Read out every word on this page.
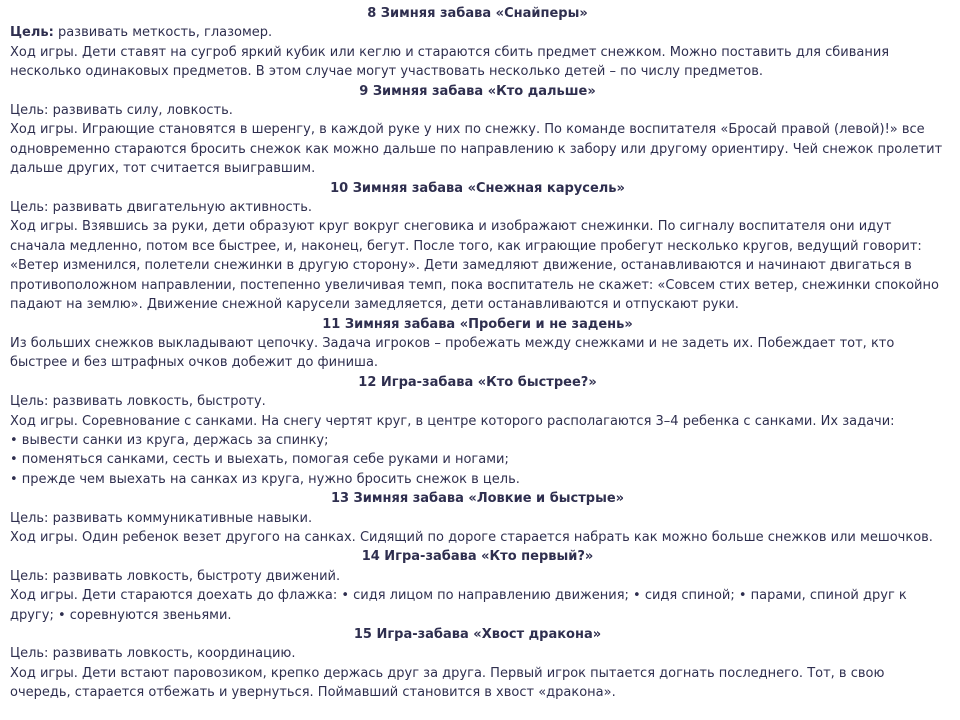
8 Зимняя забава «Снайперы»
Цель: развивать меткость, глазомер.
Ход игры. Дети ставят на сугроб яркий кубик или кеглю и стараются сбить предмет снежком. Можно поставить для сбивания несколько одинаковых предметов. В этом случае могут участвовать несколько детей – по числу предметов.
9 Зимняя забава «Кто дальше»
Цель: развивать силу, ловкость.
Ход игры. Играющие становятся в шеренгу, в каждой руке у них по снежку. По команде воспитателя «Бросай правой (левой)!» все одновременно стараются бросить снежок как можно дальше по направлению к забору или другому ориентиру. Чей снежок пролетит дальше других, тот считается выигравшим.
10 Зимняя забава «Снежная карусель»
Цель: развивать двигательную активность.
Ход игры. Взявшись за руки, дети образуют круг вокруг снеговика и изображают снежинки. По сигналу воспитателя они идут сначала медленно, потом все быстрее, и, наконец, бегут. После того, как играющие пробегут несколько кругов, ведущий говорит: «Ветер изменился, полетели снежинки в другую сторону». Дети замедляют движение, останавливаются и начинают двигаться в противоположном направлении, постепенно увеличивая темп, пока воспитатель не скажет: «Совсем стих ветер, снежинки спокойно падают на землю». Движение снежной карусели замедляется, дети останавливаются и отпускают руки.
11 Зимняя забава «Пробеги и не задень»
Из больших снежков выкладывают цепочку. Задача игроков – пробежать между снежками и не задеть их. Побеждает тот, кто быстрее и без штрафных очков добежит до финиша.
12 Игра-забава «Кто быстрее?»
Цель: развивать ловкость, быстроту.
Ход игры. Соревнование с санками. На снегу чертят круг, в центре которого располагаются 3–4 ребенка с санками. Их задачи:
• вывести санки из круга, держась за спинку;
• поменяться санками, сесть и выехать, помогая себе руками и ногами;
• прежде чем выехать на санках из круга, нужно бросить снежок в цель.
13 Зимняя забава «Ловкие и быстрые»
Цель: развивать коммуникативные навыки.
Ход игры. Один ребенок везет другого на санках. Сидящий по дороге старается набрать как можно больше снежков или мешочков.
14 Игра-забава «Кто первый?»
Цель: развивать ловкость, быстроту движений.
Ход игры. Дети стараются доехать до флажка: • сидя лицом по направлению движения; • сидя спиной; • парами, спиной друг к другу; • соревнуются звеньями.
15 Игра-забава «Хвост дракона»
Цель: развивать ловкость, координацию.
Ход игры. Дети встают паровозиком, крепко держась друг за друга. Первый игрок пытается догнать последнего. Тот, в свою очередь, старается отбежать и увернуться. Поймавший становится в хвост «дракона».
